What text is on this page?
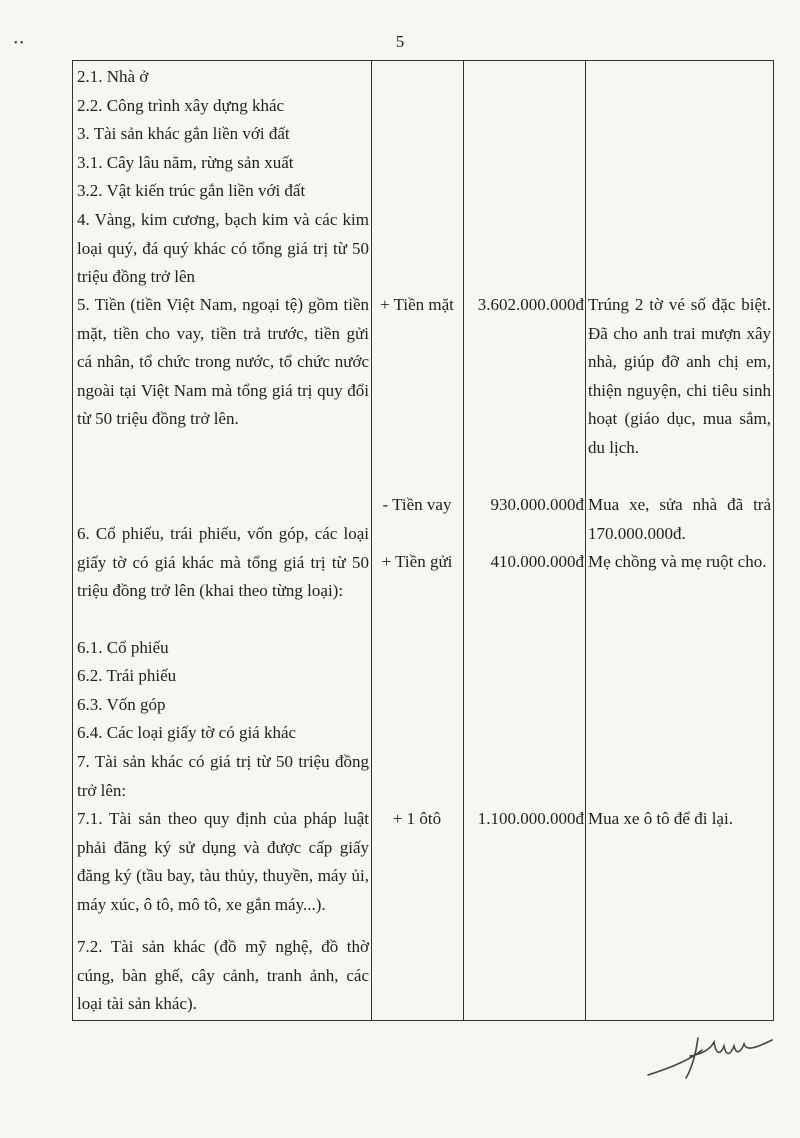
• •	5
2.1. Nhà ở
2.2. Công trình xây dựng khác
3. Tài sản khác gắn liền với đất
3.1. Cây lâu năm, rừng sản xuất
3.2. Vật kiến trúc gắn liền với đất
4. Vàng, kim cương, bạch kim và các kim loại quý, đá quý khác có tổng giá trị từ 50 triệu đồng trở lên
5. Tiền (tiền Việt Nam, ngoại tệ) gồm tiền mặt, tiền cho vay, tiền trả trước, tiền gửi cá nhân, tổ chức trong nước, tổ chức nước ngoài tại Việt Nam mà tổng giá trị quy đổi từ 50 triệu đồng trở lên.
6. Cổ phiếu, trái phiếu, vốn góp, các loại giấy tờ có giá khác mà tổng giá trị từ 50 triệu đồng trở lên (khai theo từng loại):
6.1. Cổ phiếu
6.2. Trái phiếu
6.3. Vốn góp
6.4. Các loại giấy tờ có giá khác
7. Tài sản khác có giá trị từ 50 triệu đồng trở lên:
7.1. Tài sản theo quy định của pháp luật phải đăng ký sử dụng và được cấp giấy đăng ký (tầu bay, tàu thủy, thuyền, máy ủi, máy xúc, ô tô, mô tô, xe gắn máy...).
7.2. Tài sản khác (đồ mỹ nghệ, đồ thờ cúng, bàn ghế, cây cảnh, tranh ảnh, các loại tài sản khác).
+ Tiền mặt
- Tiền vay
+ Tiền gửi
+ 1 ôtô
3.602.000.000đ
930.000.000đ
410.000.000đ
1.100.000.000đ
Trúng 2 tờ vé số đặc biệt. Đã cho anh trai mượn xây nhà, giúp đỡ anh chị em, thiện nguyện, chi tiêu sinh hoạt (giáo dục, mua sắm, du lịch.
Mua xe, sửa nhà đã trả 170.000.000đ.
Mẹ chồng và mẹ ruột cho.
Mua xe ô tô để đi lại.
